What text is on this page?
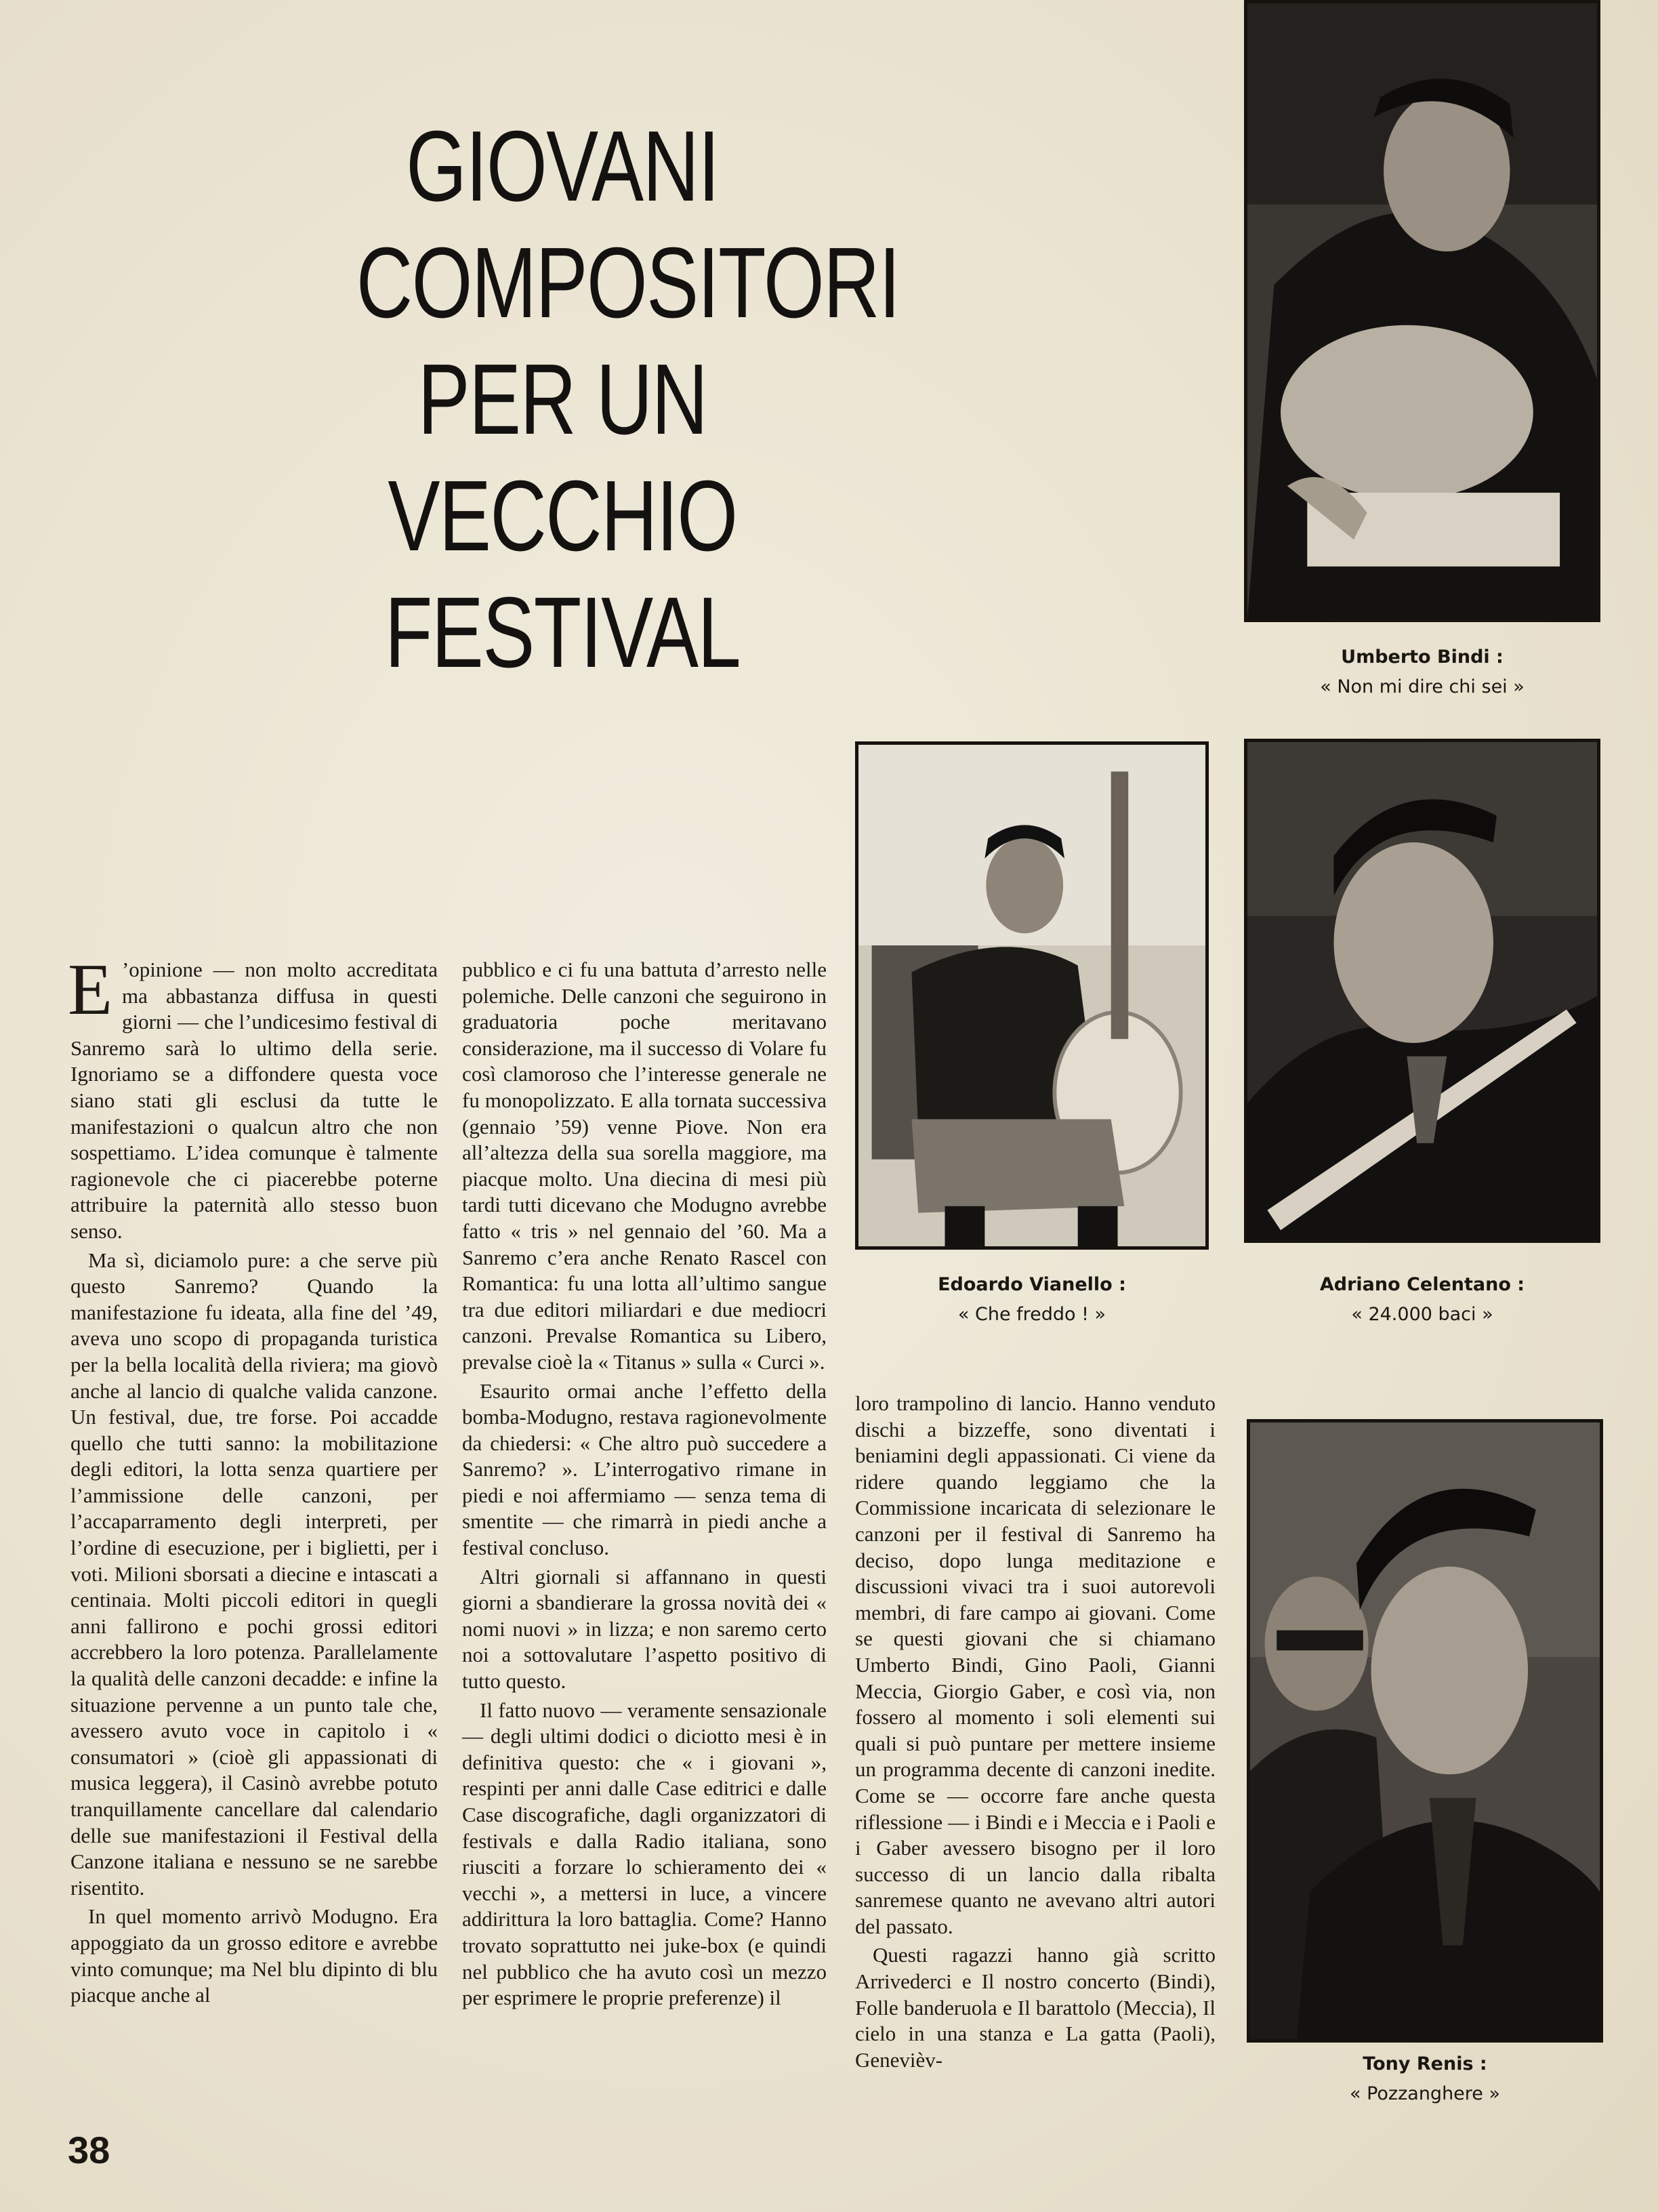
GIOVANI
COMPOSITORI
PER UN
VECCHIO
FESTIVAL

E ’opinione — non molto accreditata ma abbastanza diffusa in questi giorni — che l’undicesimo festival di Sanremo sarà lo ultimo della serie. Ignoriamo se a diffondere questa voce siano stati gli esclusi da tutte le manifestazioni o qualcun altro che non sospettiamo. L’idea comunque è talmente ragionevole che ci piacerebbe poterne attribuire la paternità allo stesso buon senso.

Ma sì, diciamolo pure: a che serve più questo Sanremo? Quando la manifestazione fu ideata, alla fine del ’49, aveva uno scopo di propaganda turistica per la bella località della riviera; ma giovò anche al lancio di qualche valida canzone. Un festival, due, tre forse. Poi accadde quello che tutti sanno: la mobilitazione degli editori, la lotta senza quartiere per l’ammissione delle canzoni, per l’accaparramento degli interpreti, per l’ordine di esecuzione, per i biglietti, per i voti. Milioni sborsati a diecine e intascati a centinaia. Molti piccoli editori in quegli anni fallirono e pochi grossi editori accrebbero la loro potenza. Parallelamente la qualità delle canzoni decadde: e infine la situazione pervenne a un punto tale che, avessero avuto voce in capitolo i « consumatori » (cioè gli appassionati di musica leggera), il Casinò avrebbe potuto tranquillamente cancellare dal calendario delle sue manifestazioni il Festival della Canzone italiana e nessuno se ne sarebbe risentito.

In quel momento arrivò Modugno. Era appoggiato da un grosso editore e avrebbe vinto comunque; ma Nel blu dipinto di blu piacque anche al

pubblico e ci fu una battuta d’arresto nelle polemiche. Delle canzoni che seguirono in graduatoria poche meritavano considerazione, ma il successo di Volare fu così clamoroso che l’interesse generale ne fu monopolizzato. E alla tornata successiva (gennaio ’59) venne Piove. Non era all’altezza della sua sorella maggiore, ma piacque molto. Una diecina di mesi più tardi tutti dicevano che Modugno avrebbe fatto « tris » nel gennaio del ’60. Ma a Sanremo c’era anche Renato Rascel con Romantica: fu una lotta all’ultimo sangue tra due editori miliardari e due mediocri canzoni. Prevalse Romantica su Libero, prevalse cioè la « Titanus » sulla « Curci ».

Esaurito ormai anche l’effetto della bomba-Modugno, restava ragionevolmente da chiedersi: « Che altro può succedere a Sanremo? ». L’interrogativo rimane in piedi e noi affermiamo — senza tema di smentite — che rimarrà in piedi anche a festival concluso.

Altri giornali si affannano in questi giorni a sbandierare la grossa novità dei « nomi nuovi » in lizza; e non saremo certo noi a sottovalutare l’aspetto positivo di tutto questo.

Il fatto nuovo — veramente sensazionale — degli ultimi dodici o diciotto mesi è in definitiva questo: che « i giovani », respinti per anni dalle Case editrici e dalle Case discografiche, dagli organizzatori di festivals e dalla Radio italiana, sono riusciti a forzare lo schieramento dei « vecchi », a mettersi in luce, a vincere addirittura la loro battaglia. Come? Hanno trovato soprattutto nei juke-box (e quindi nel pubblico che ha avuto così un mezzo per esprimere le proprie preferenze) il

loro trampolino di lancio. Hanno venduto dischi a bizzeffe, sono diventati i beniamini degli appassionati. Ci viene da ridere quando leggiamo che la Commissione incaricata di selezionare le canzoni per il festival di Sanremo ha deciso, dopo lunga meditazione e discussioni vivaci tra i suoi autorevoli membri, di fare campo ai giovani. Come se questi giovani che si chiamano Umberto Bindi, Gino Paoli, Gianni Meccia, Giorgio Gaber, e così via, non fossero al momento i soli elementi sui quali si può puntare per mettere insieme un programma decente di canzoni inedite. Come se — occorre fare anche questa riflessione — i Bindi e i Meccia e i Paoli e i Gaber avessero bisogno per il loro successo di un lancio dalla ribalta sanremese quanto ne avevano altri autori del passato.

Questi ragazzi hanno già scritto Arrivederci e Il nostro concerto (Bindi), Folle banderuola e Il barattolo (Meccia), Il cielo in una stanza e La gatta (Paoli), Genevièv-

Umberto Bindi :
« Non mi dire chi sei »
Edoardo Vianello :
« Che freddo ! »
Adriano Celentano :
« 24.000 baci »
Tony Renis :
« Pozzanghere »
38
